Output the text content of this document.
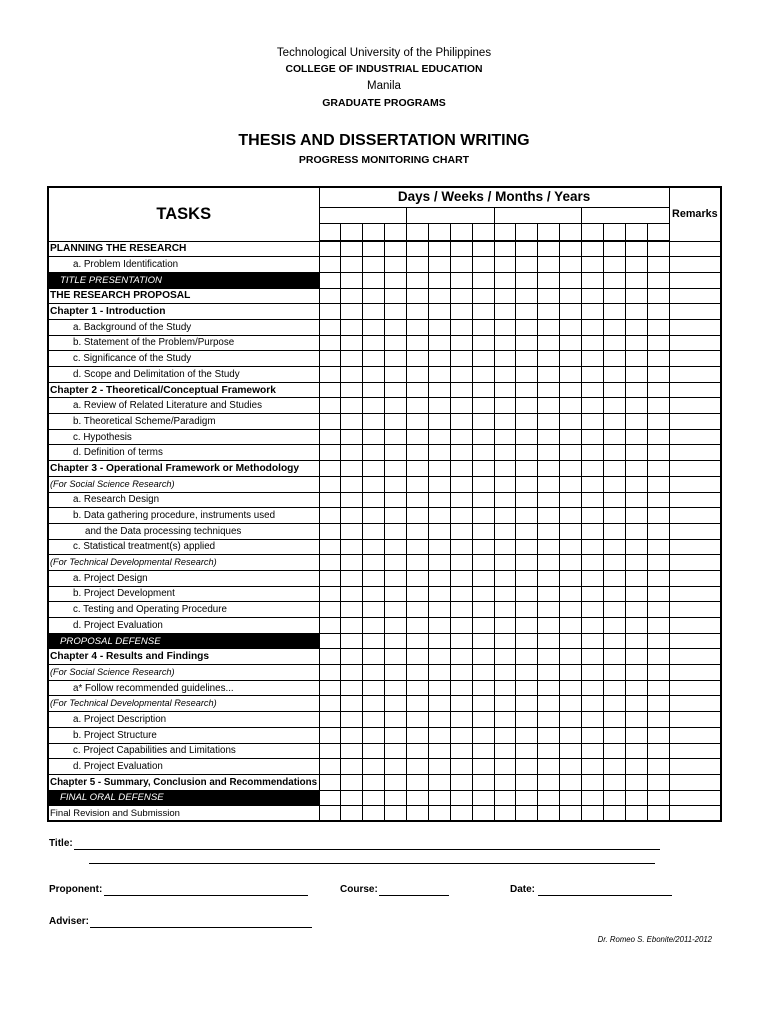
Technological University of the Philippines
COLLEGE OF INDUSTRIAL EDUCATION
Manila
GRADUATE PROGRAMS
THESIS AND DISSERTATION WRITING
PROGRESS MONITORING CHART
TASKS	Days / Weeks / Months / Years																Remarks

PLANNING THE RESEARCH																	

a. Problem Identification																	

TITLE PRESENTATION																	

THE RESEARCH PROPOSAL																	

Chapter 1 - Introduction																	

a. Background of the Study																	

b. Statement of the Problem/Purpose																	

c. Significance of the Study																	

d. Scope and Delimitation of the Study																	

Chapter 2 - Theoretical/Conceptual Framework																	

a. Review of Related Literature and Studies																	

b. Theoretical Scheme/Paradigm																	

c. Hypothesis																	

d. Definition of terms																	

Chapter 3 - Operational Framework or Methodology																	

(For Social Science Research)																	

a. Research Design																	

b. Data gathering procedure, instruments used																	

and the Data processing techniques																	

c. Statistical treatment(s) applied																	

(For Technical Developmental Research)																	

a. Project Design																	

b. Project Development																	

c. Testing and Operating Procedure																	

d. Project Evaluation																	

PROPOSAL DEFENSE																	

Chapter 4 - Results and Findings																	

(For Social Science Research)																	

a* Follow recommended guidelines...																	

(For Technical Developmental Research)																	

a. Project Description																	

b. Project Structure																	

c. Project Capabilities and Limitations																	

d. Project Evaluation																	

Chapter 5 - Summary, Conclusion and Recommendations																	

FINAL ORAL DEFENSE																	

Final Revision and Submission																	

Title:
Proponent:	Course:	Date:
Adviser:
Dr. Romeo S. Ebonite/2011-2012
